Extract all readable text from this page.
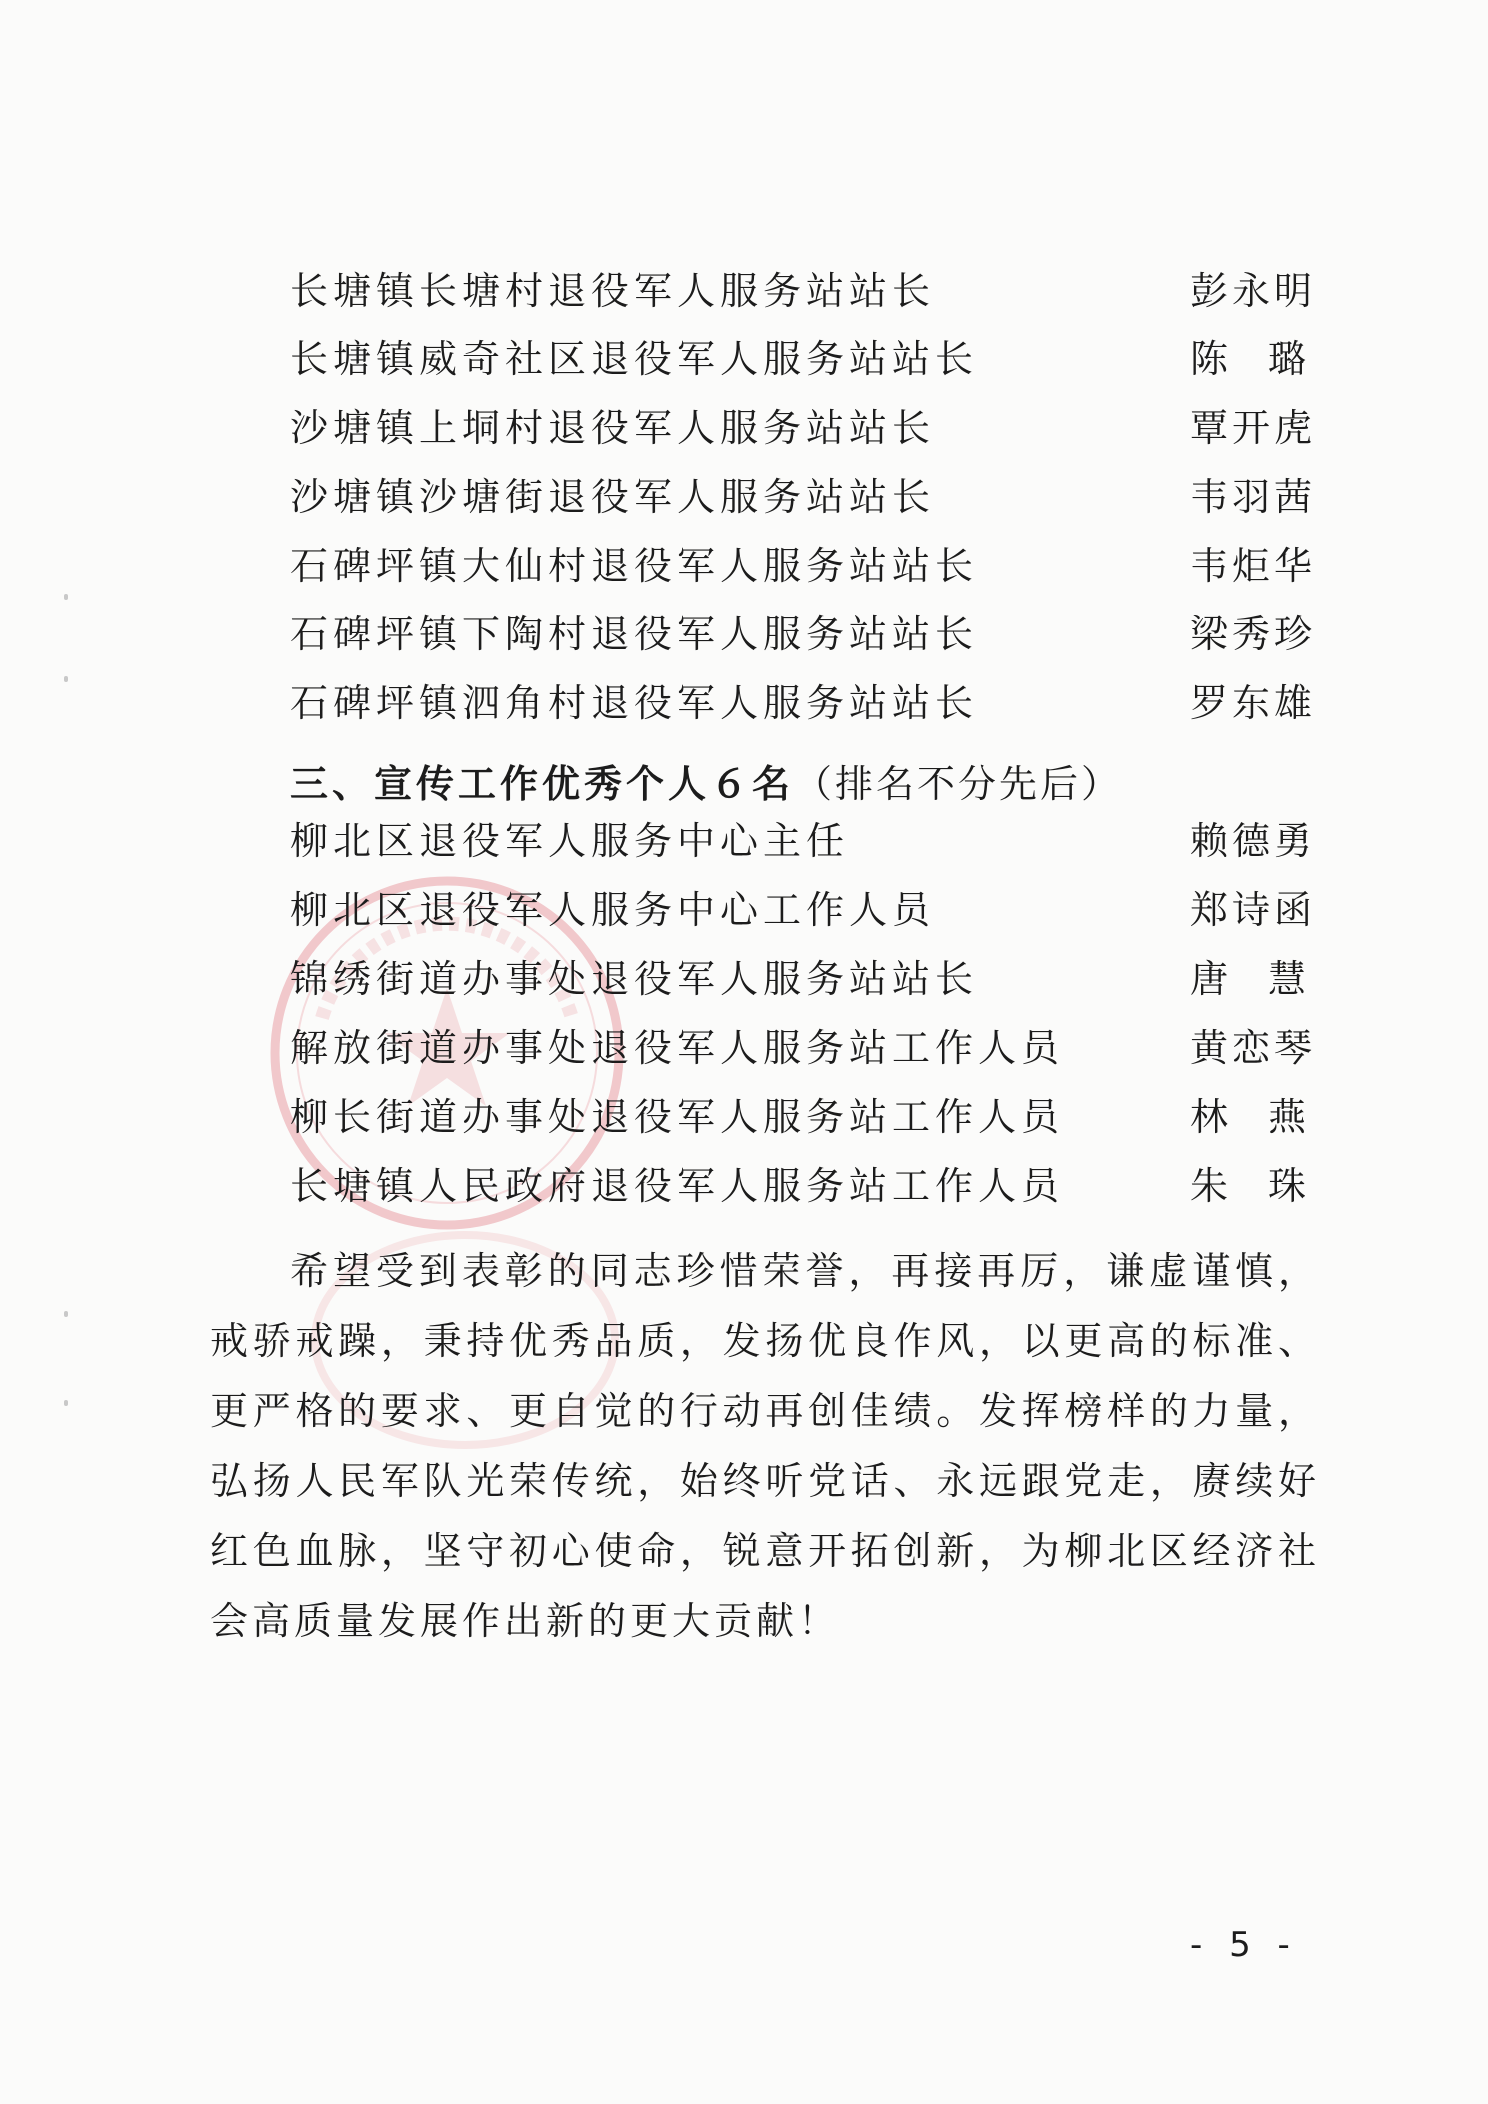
长塘镇长塘村退役军人服务站站长	彭永明
长塘镇威奇社区退役军人服务站站长	陈 璐
沙塘镇上垌村退役军人服务站站长	覃开虎
沙塘镇沙塘街退役军人服务站站长	韦羽茜
石碑坪镇大仙村退役军人服务站站长	韦炬华
石碑坪镇下陶村退役军人服务站站长	梁秀珍
石碑坪镇泗角村退役军人服务站站长	罗东雄
三、宣传工作优秀个人６名（排名不分先后）
柳北区退役军人服务中心主任	赖德勇
柳北区退役军人服务中心工作人员	郑诗函
锦绣街道办事处退役军人服务站站长	唐 慧
解放街道办事处退役军人服务站工作人员	黄恋琴
柳长街道办事处退役军人服务站工作人员	林 燕
长塘镇人民政府退役军人服务站工作人员	朱 珠
希望受到表彰的同志珍惜荣誉，再接再厉，谦虚谨慎，戒骄戒躁，秉持优秀品质，发扬优良作风，以更高的标准、更严格的要求、更自觉的行动再创佳绩。发挥榜样的力量，弘扬人民军队光荣传统，始终听党话、永远跟党走，赓续好红色血脉，坚守初心使命，锐意开拓创新，为柳北区经济社会高质量发展作出新的更大贡献！
- 5 -
